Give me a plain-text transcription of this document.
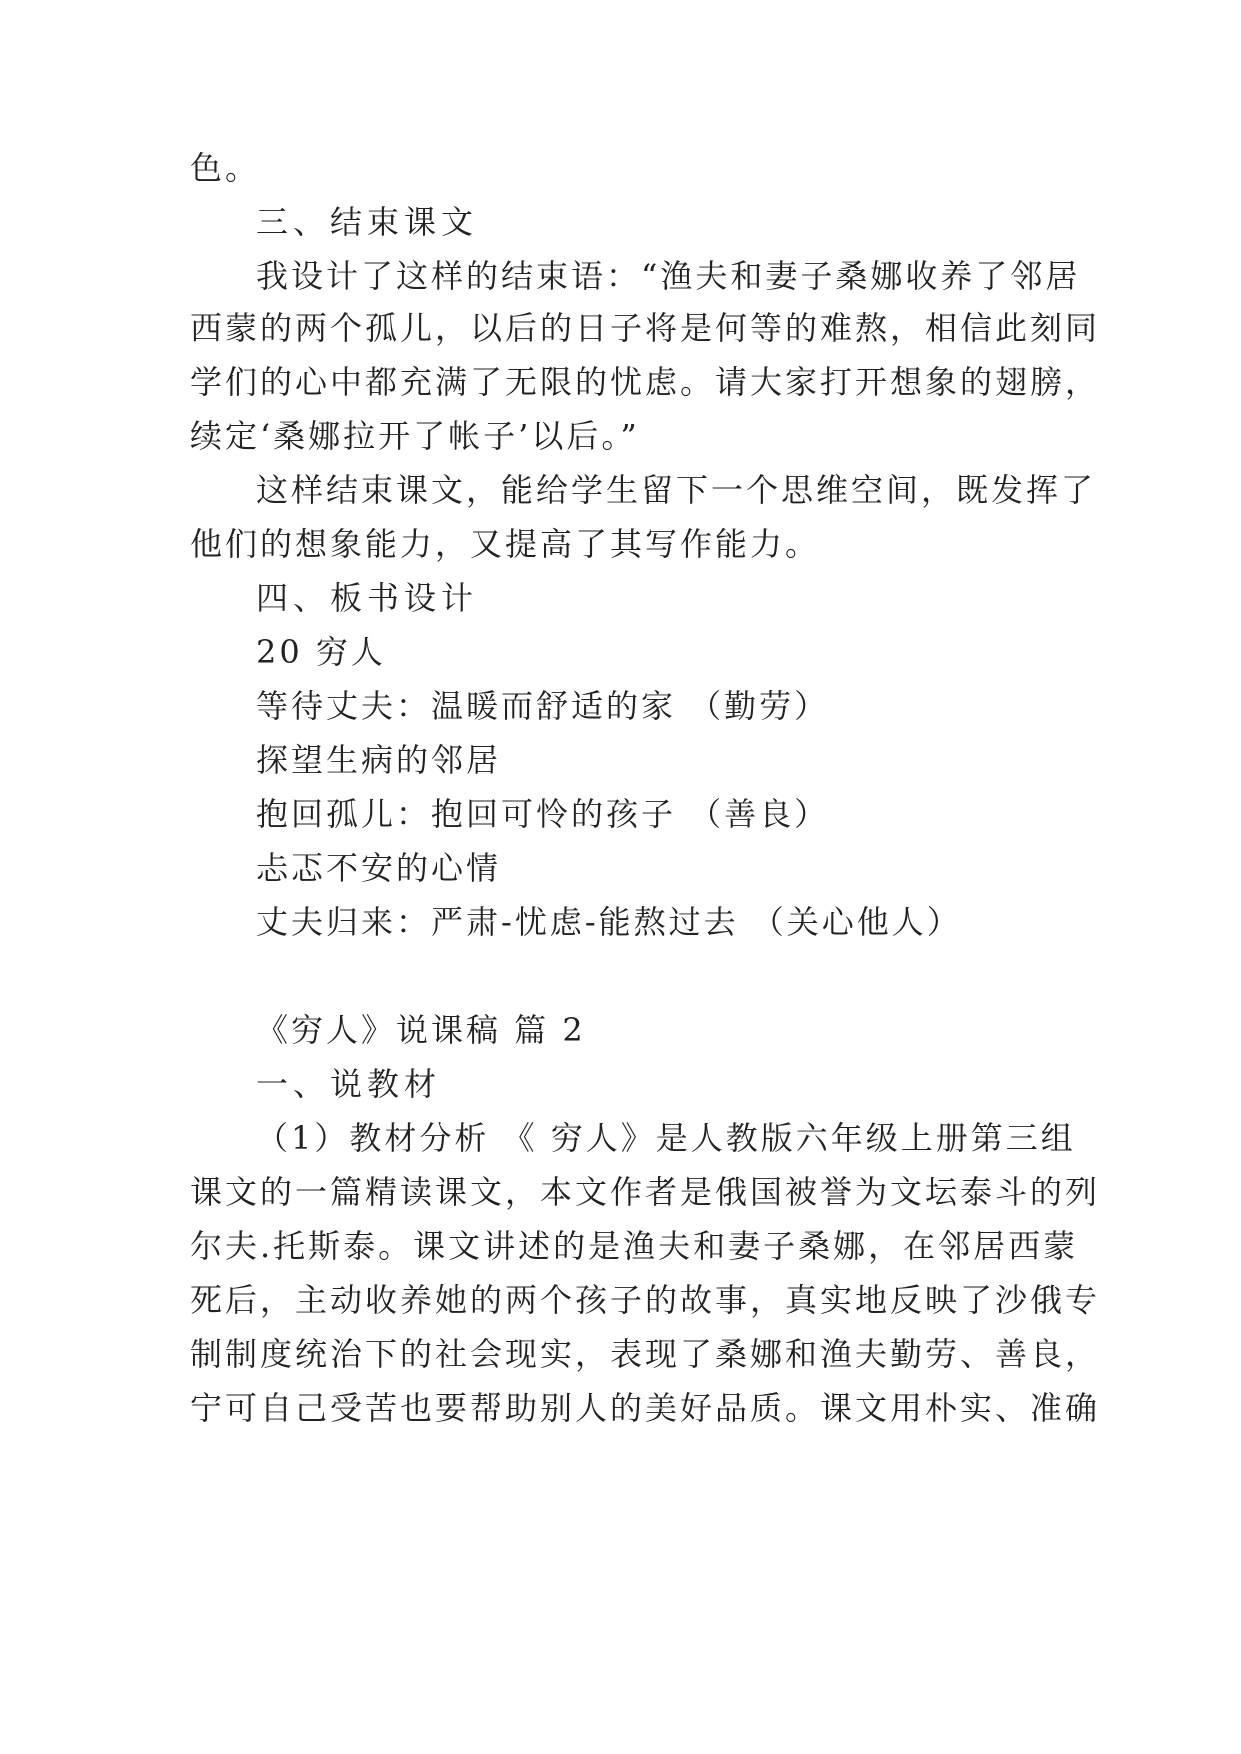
色。
三、结束课文
我设计了这样的结束语：“渔夫和妻子桑娜收养了邻居
西蒙的两个孤儿，以后的日子将是何等的难熬，相信此刻同
学们的心中都充满了无限的忧虑。请大家打开想象的翅膀，
续定‘桑娜拉开了帐子’以后。”
这样结束课文，能给学生留下一个思维空间，既发挥了
他们的想象能力，又提高了其写作能力。
四、板书设计
20 穷人
等待丈夫：温暖而舒适的家 （勤劳）
探望生病的邻居
抱回孤儿：抱回可怜的孩子 （善良）
忐忑不安的心情
丈夫归来：严肃-忧虑-能熬过去 （关心他人）
《穷人》说课稿 篇 2
一、说教材
（1）教材分析 《 穷人》是人教版六年级上册第三组
课文的一篇精读课文，本文作者是俄国被誉为文坛泰斗的列
尔夫.托斯泰。课文讲述的是渔夫和妻子桑娜，在邻居西蒙
死后，主动收养她的两个孩子的故事，真实地反映了沙俄专
制制度统治下的社会现实，表现了桑娜和渔夫勤劳、善良，
宁可自己受苦也要帮助别人的美好品质。课文用朴实、准确
